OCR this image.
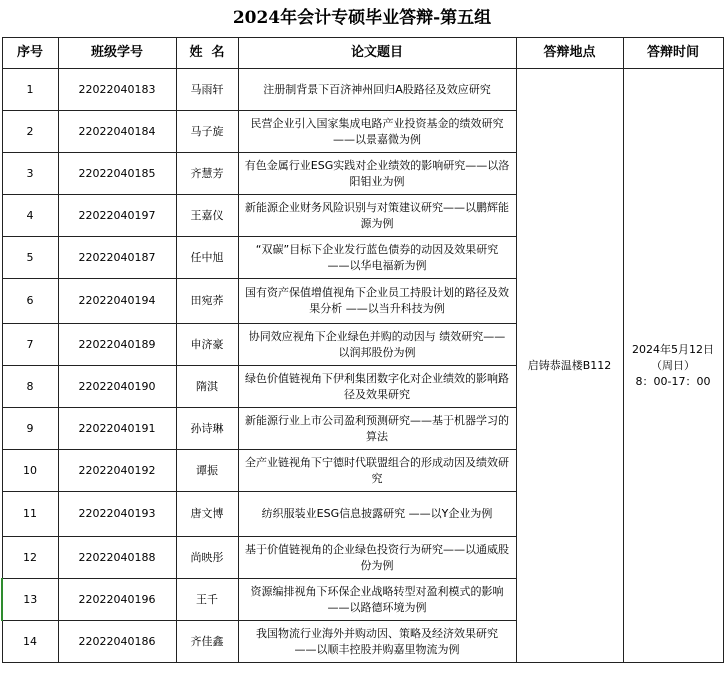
2024年会计专硕毕业答辩-第五组
序号	班级学号	姓  名	论文题目	答辩地点	答辩时间
1	22022040183	马雨轩	注册制背景下百济神州回归A股路径及效应研究	启铸恭温楼B112	2024年5月12日
（周日）
8：00-17：00

2	22022040184	马子旋	民营企业引入国家集成电路产业投资基金的绩效研究——以景嘉微为例		
3	22022040185	齐慧芳	有色金属行业ESG实践对企业绩效的影响研究——以洛阳钼业为例		
4	22022040197	王嘉仪	新能源企业财务风险识别与对策建议研究——以鹏辉能源为例		
5	22022040187	任中旭	“双碳”目标下企业发行蓝色债券的动因及效果研究 ——以华电福新为例		
6	22022040194	田宛荞	国有资产保值增值视角下企业员工持股计划的路径及效果分析 ——以当升科技为例		
7	22022040189	申济豪	协同效应视角下企业绿色并购的动因与 绩效研究——以润邦股份为例		
8	22022040190	隋淇	绿色价值链视角下伊利集团数字化对企业绩效的影响路径及效果研究		
9	22022040191	孙诗琳	新能源行业上市公司盈利预测研究——基于机器学习的算法		
10	22022040192	谭振	全产业链视角下宁德时代联盟组合的形成动因及绩效研究		
11	22022040193	唐文博	纺织服装业ESG信息披露研究 ——以Y企业为例		
12	22022040188	尚映彤	基于价值链视角的企业绿色投资行为研究——以通威股份为例		
13	22022040196	王千	资源编排视角下环保企业战略转型对盈利模式的影响——以路德环境为例		
14	22022040186	齐佳鑫	我国物流行业海外并购动因、策略及经济效果研究 ——以顺丰控股并购嘉里物流为例		
